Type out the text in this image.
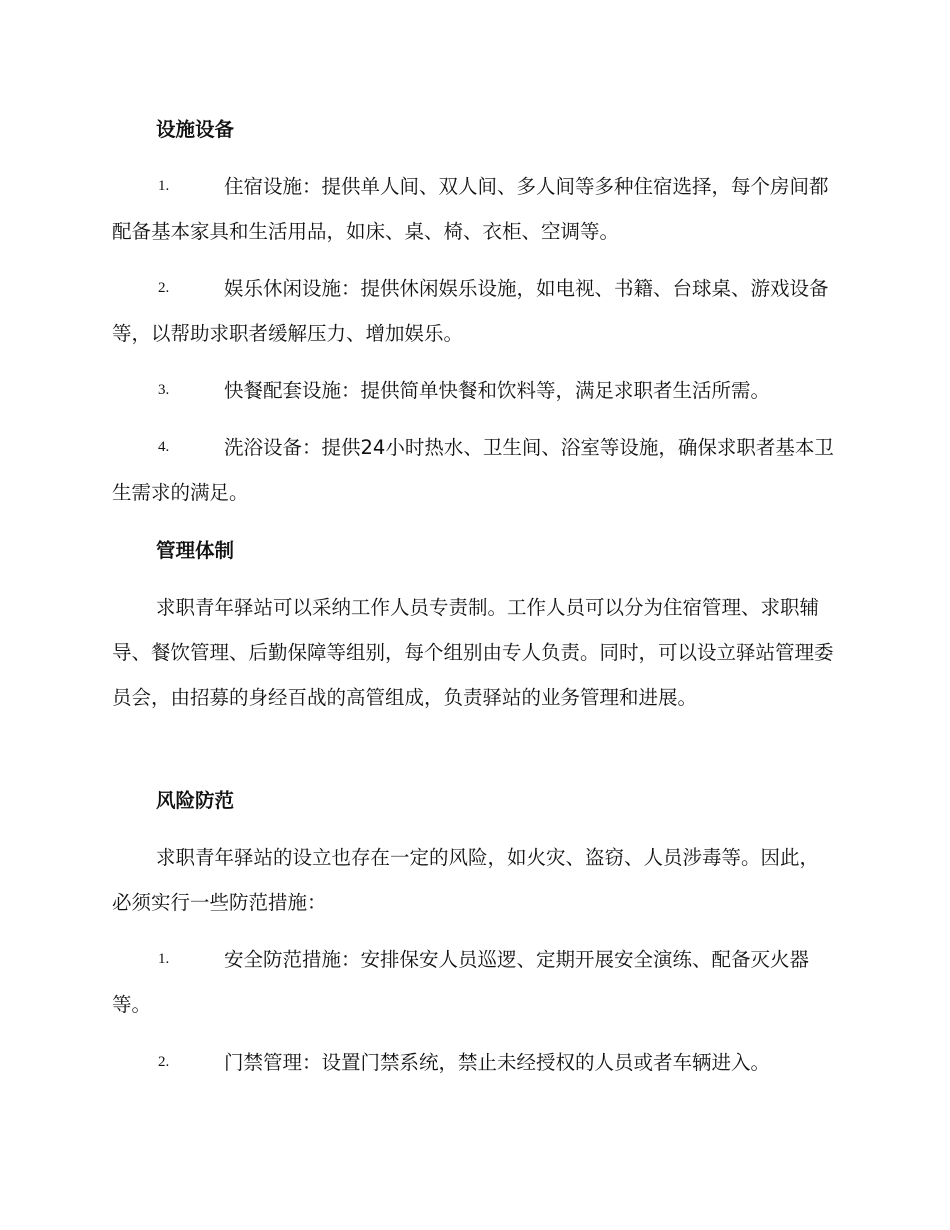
设施设备

1.	住宿设施：提供单人间、双人间、多人间等多种住宿选择，每个房间都配备基本家具和生活用品，如床、桌、椅、衣柜、空调等。

2.	娱乐休闲设施：提供休闲娱乐设施，如电视、书籍、台球桌、游戏设备等，以帮助求职者缓解压力、增加娱乐。

3.	快餐配套设施：提供简单快餐和饮料等，满足求职者生活所需。

4.	洗浴设备：提供24小时热水、卫生间、浴室等设施，确保求职者基本卫生需求的满足。

管理体制

求职青年驿站可以采纳工作人员专责制。工作人员可以分为住宿管理、求职辅导、餐饮管理、后勤保障等组别，每个组别由专人负责。同时，可以设立驿站管理委员会，由招募的身经百战的高管组成，负责驿站的业务管理和进展。

风险防范

求职青年驿站的设立也存在一定的风险，如火灾、盗窃、人员涉毒等。因此，必须实行一些防范措施：

1.	安全防范措施：安排保安人员巡逻、定期开展安全演练、配备灭火器等。

2.	门禁管理：设置门禁系统，禁止未经授权的人员或者车辆进入。
